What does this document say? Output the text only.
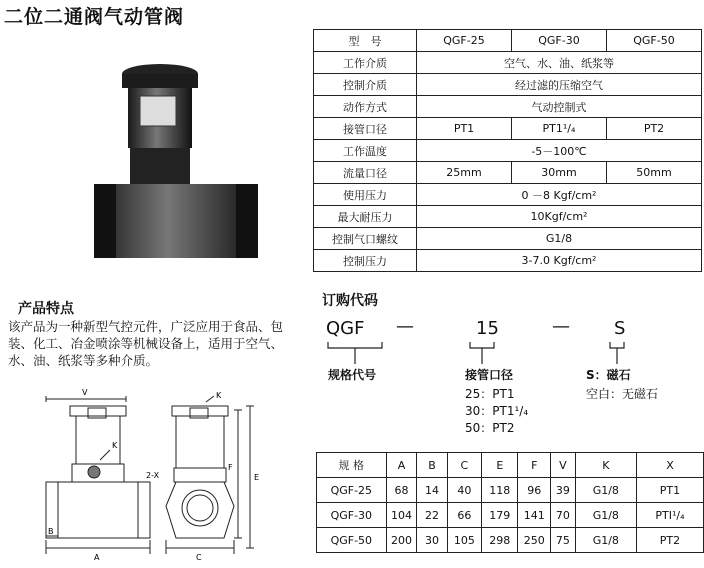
二位二通阀气动管阀
型　号	QGF-25	QGF-30	QGF-50
工作介质	空气、水、油、纸浆等		
控制介质	经过滤的压缩空气		
动作方式	气动控制式		
接管口径	PT1	PT1¹/₄	PT2
工作温度	-5－100℃		
流量口径	25mm	30mm	50mm
使用压力	0 －8 Kgf/cm²		
最大耐压力	10Kgf/cm²		
控制气口螺纹	G1/8		
控制压力	3-7.0 Kgf/cm²		
产品特点
该产品为一种新型气控元件，广泛应用于食品、包装、化工、冶金喷涂等机械设备上，适用于空气、水、油、纸浆等多种介质。
V
K
K
2-X
B
A	C
F
E
订购代码
QGF —	15	— S
规格代号	接管口径	S：磁石
25：PT1
30：PT1¹/₄
50：PT2
空白：无磁石
规 格	A	B	C	E	F	V	K	X
QGF-25	68	14	40	118	96	39	G1/8	PT1
QGF-30	104	22	66	179	141	70	G1/8	PTI¹/₄
QGF-50	200	30	105	298	250	75	G1/8	PT2
